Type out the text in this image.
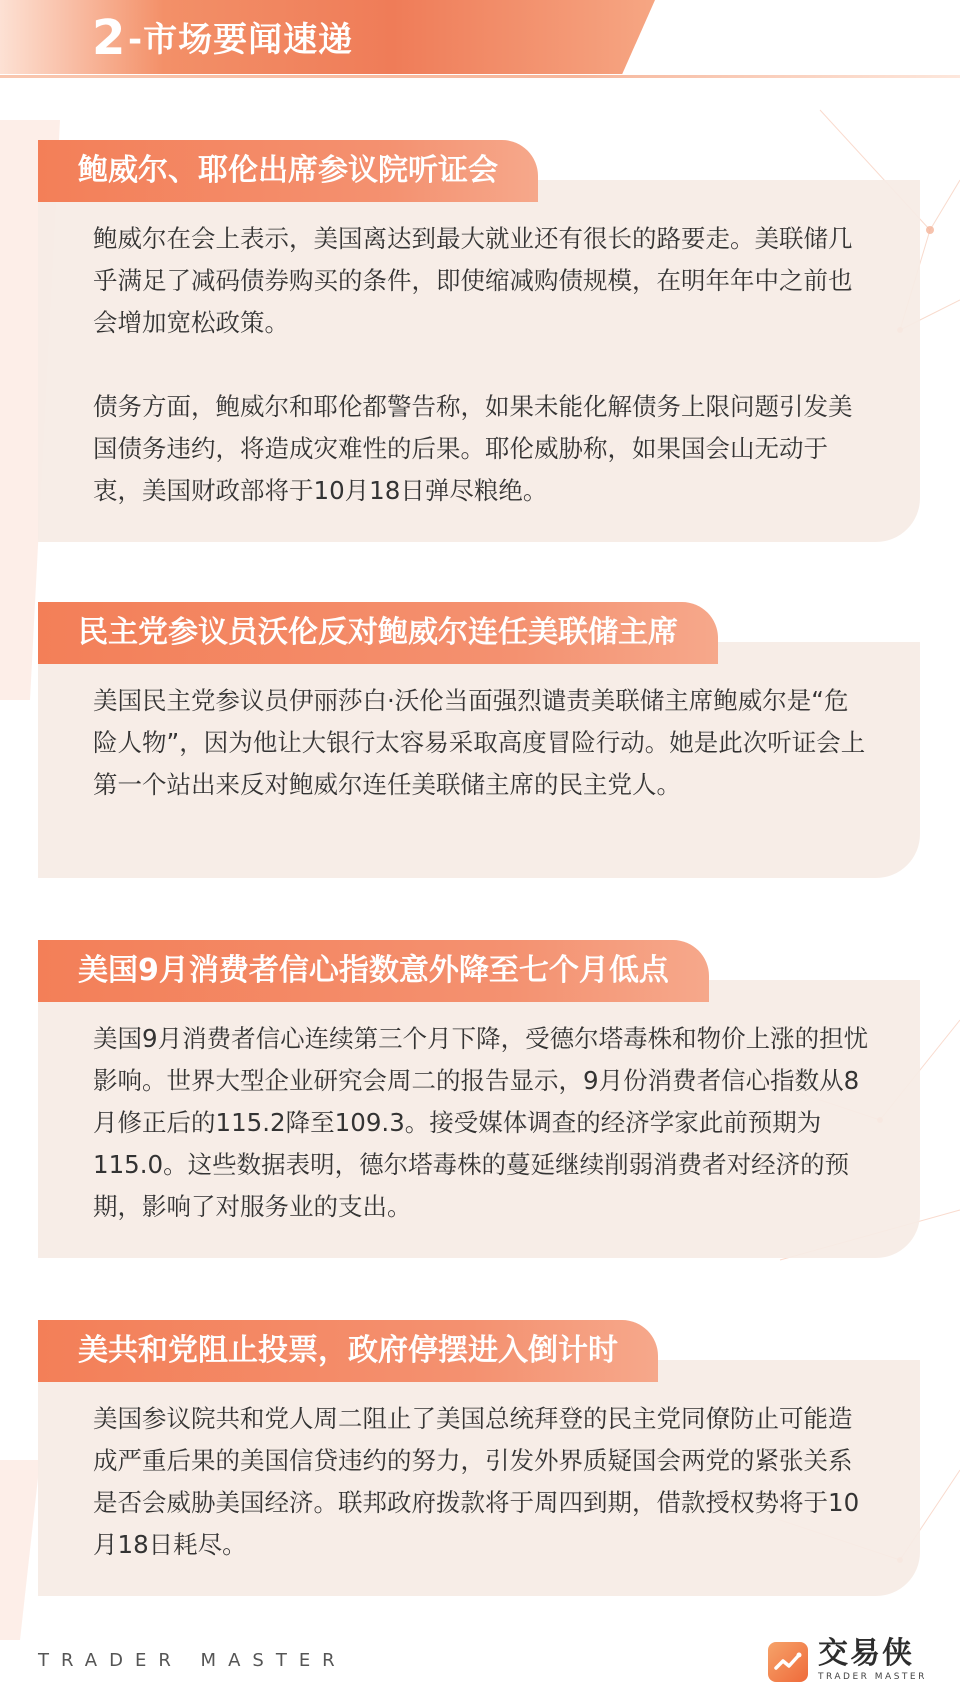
2 -市场要闻速递
鲍威尔、耶伦出席参议院听证会

鲍威尔在会上表示，美国离达到最大就业还有很长的路要走。美联储几乎满足了减码债券购买的条件，即使缩减购债规模，在明年年中之前也会增加宽松政策。

债务方面，鲍威尔和耶伦都警告称，如果未能化解债务上限问题引发美国债务违约，将造成灾难性的后果。耶伦威胁称，如果国会山无动于衷，美国财政部将于10月18日弹尽粮绝。

民主党参议员沃伦反对鲍威尔连任美联储主席

美国民主党参议员伊丽莎白·沃伦当面强烈谴责美联储主席鲍威尔是“危险人物”，因为他让大银行太容易采取高度冒险行动。她是此次听证会上第一个站出来反对鲍威尔连任美联储主席的民主党人。

美国9月消费者信心指数意外降至七个月低点

美国9月消费者信心连续第三个月下降，受德尔塔毒株和物价上涨的担忧影响。世界大型企业研究会周二的报告显示，9月份消费者信心指数从8月修正后的115.2降至109.3。接受媒体调查的经济学家此前预期为115.0。这些数据表明，德尔塔毒株的蔓延继续削弱消费者对经济的预期，影响了对服务业的支出。

美共和党阻止投票，政府停摆进入倒计时

美国参议院共和党人周二阻止了美国总统拜登的民主党同僚防止可能造成严重后果的美国信贷违约的努力，引发外界质疑国会两党的紧张关系是否会威胁美国经济。联邦政府拨款将于周四到期，借款授权势将于10月18日耗尽。

TRADER MASTER	交易侠
TRADER MASTER
